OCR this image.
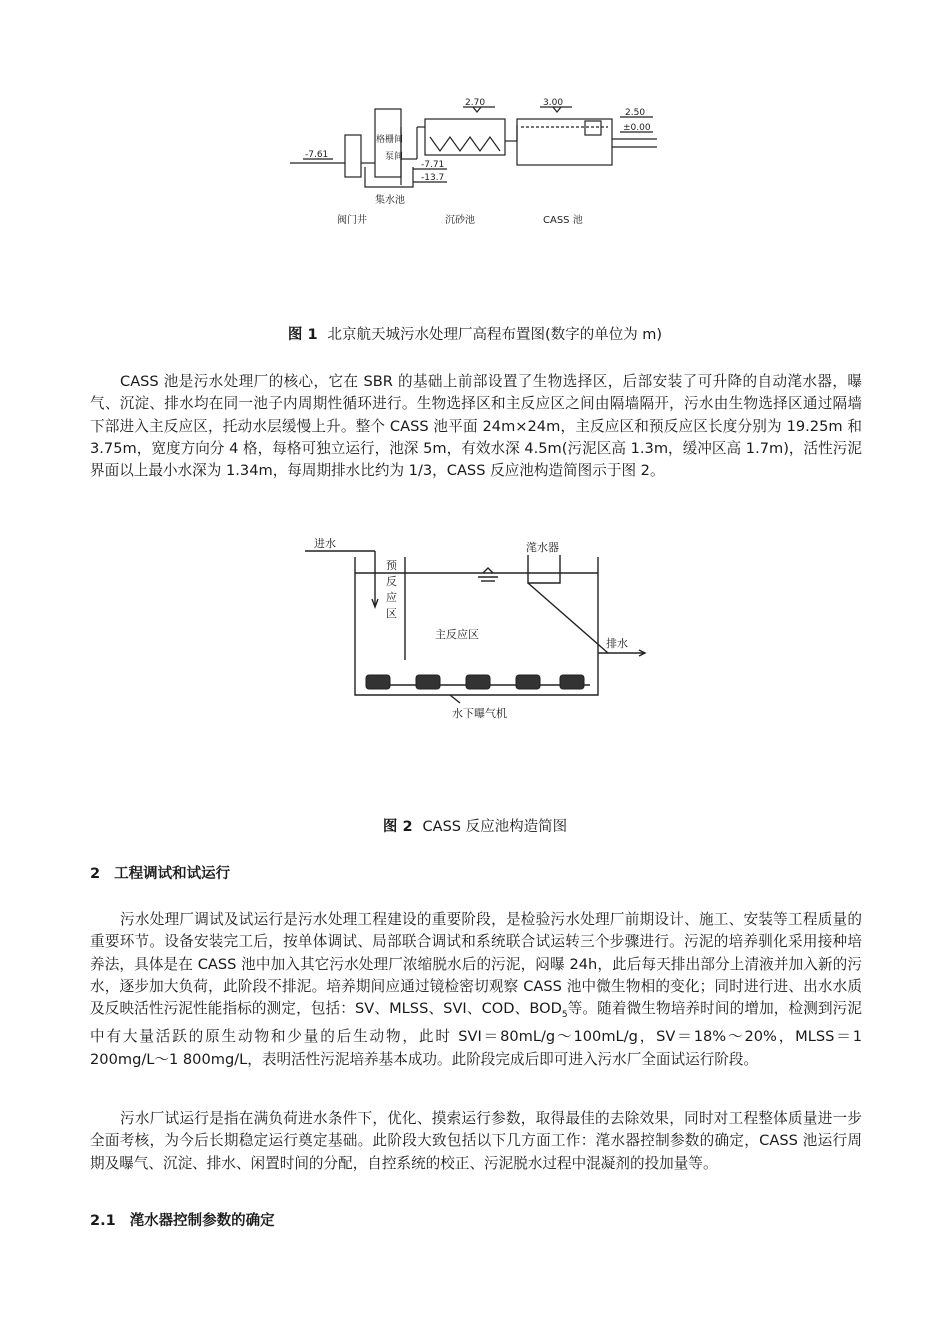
2.70	3.00
2.50
±0.00
-7.61
-7.71
-13.7
格栅间
泵间
集水池
阀门井	沉砂池	CASS 池
图 1 北京航天城污水处理厂高程布置图(数字的单位为 m)

CASS 池是污水处理厂的核心，它在 SBR 的基础上前部设置了生物选择区，后部安装了可升降的自动滗水器，曝气、沉淀、排水均在同一池子内周期性循环进行。生物选择区和主反应区之间由隔墙隔开，污水由生物选择区通过隔墙下部进入主反应区，托动水层缓慢上升。整个 CASS 池平面 24m×24m，主反应区和预反应区长度分别为 19.25m 和 3.75m，宽度方向分 4 格，每格可独立运行，池深 5m，有效水深 4.5m(污泥区高 1.3m，缓冲区高 1.7m)，活性污泥界面以上最小水深为 1.34m，每周期排水比约为 1/3，CASS 反应池构造简图示于图 2。

进水
预
反
应
区
滗水器
主反应区
排水
水下曝气机
图 2 CASS 反应池构造简图
2 工程调试和试运行

污水处理厂调试及试运行是污水处理工程建设的重要阶段，是检验污水处理厂前期设计、施工、安装等工程质量的重要环节。设备安装完工后，按单体调试、局部联合调试和系统联合试运转三个步骤进行。污泥的培养驯化采用接种培养法，具体是在 CASS 池中加入其它污水处理厂浓缩脱水后的污泥，闷曝 24h，此后每天排出部分上清液并加入新的污水，逐步加大负荷，此阶段不排泥。培养期间应通过镜检密切观察 CASS 池中微生物相的变化；同时进行进、出水水质及反映活性污泥性能指标的测定，包括：SV、MLSS、SVI、COD、$BOD_5$等。随着微生物培养时间的增加，检测到污泥中有大量活跃的原生动物和少量的后生动物，此时 SVI＝80mL/g～100mL/g，SV＝18%～20%，MLSS＝1 200mg/L～1 800mg/L，表明活性污泥培养基本成功。此阶段完成后即可进入污水厂全面试运行阶段。

污水厂试运行是指在满负荷进水条件下，优化、摸索运行参数，取得最佳的去除效果，同时对工程整体质量进一步全面考核，为今后长期稳定运行奠定基础。此阶段大致包括以下几方面工作：滗水器控制参数的确定，CASS 池运行周期及曝气、沉淀、排水、闲置时间的分配，自控系统的校正、污泥脱水过程中混凝剂的投加量等。

2.1 滗水器控制参数的确定
